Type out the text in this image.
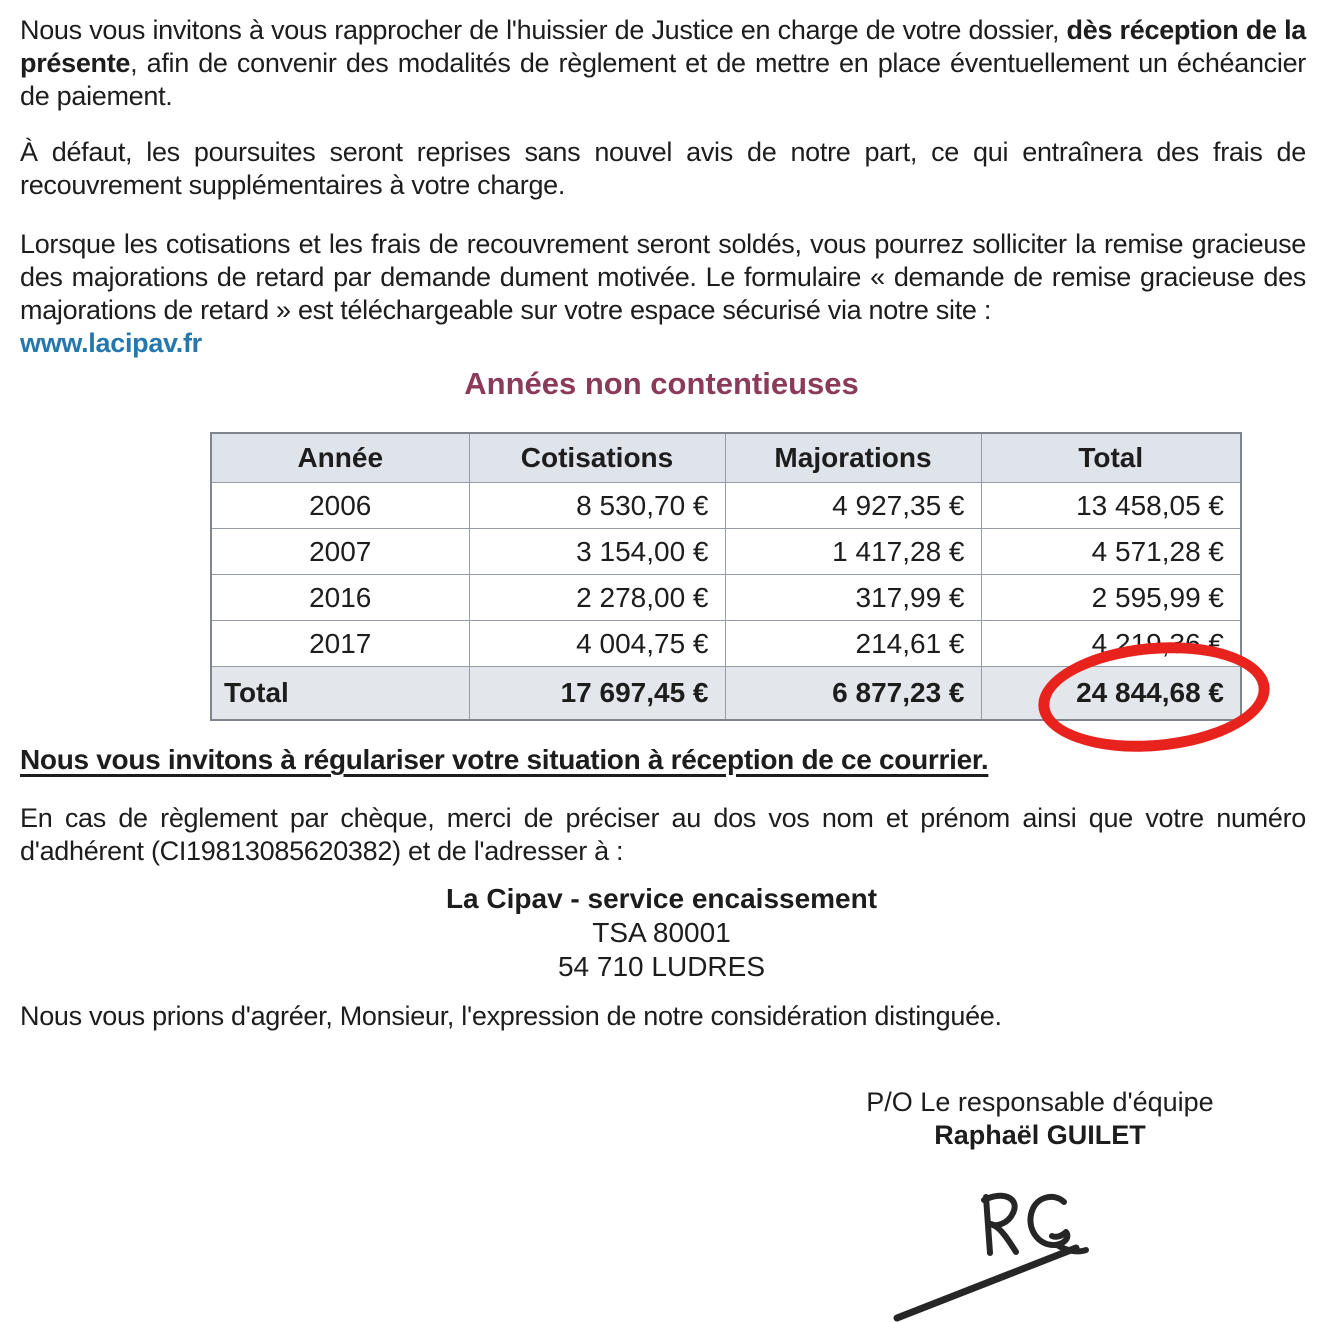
Nous vous invitons à vous rapprocher de l'huissier de Justice en charge de votre dossier, dès réception de la présente, afin de convenir des modalités de règlement et de mettre en place éventuellement un échéancier de paiement.

À défaut, les poursuites seront reprises sans nouvel avis de notre part, ce qui entraînera des frais de recouvrement supplémentaires à votre charge.

Lorsque les cotisations et les frais de recouvrement seront soldés, vous pourrez solliciter la remise gracieuse des majorations de retard par demande dument motivée. Le formulaire « demande de remise gracieuse des majorations de retard » est téléchargeable sur votre espace sécurisé via notre site :
www.lacipav.fr

Années non contentieuses
Année	Cotisations	Majorations	Total
2006	8 530,70 €	4 927,35 €	13 458,05 €
2007	3 154,00 €	1 417,28 €	4 571,28 €
2016	2 278,00 €	317,99 €	2 595,99 €
2017	4 004,75 €	214,61 €	4 219,36 €
Total	17 697,45 €	6 877,23 €	24 844,68 €

Nous vous invitons à régulariser votre situation à réception de ce courrier.

En cas de règlement par chèque, merci de préciser au dos vos nom et prénom ainsi que votre numéro d'adhérent (CI19813085620382) et de l'adresser à :

La Cipav - service encaissement
TSA 80001
54 710 LUDRES

Nous vous prions d'agréer, Monsieur, l'expression de notre considération distinguée.

P/O Le responsable d'équipe
Raphaël GUILET
